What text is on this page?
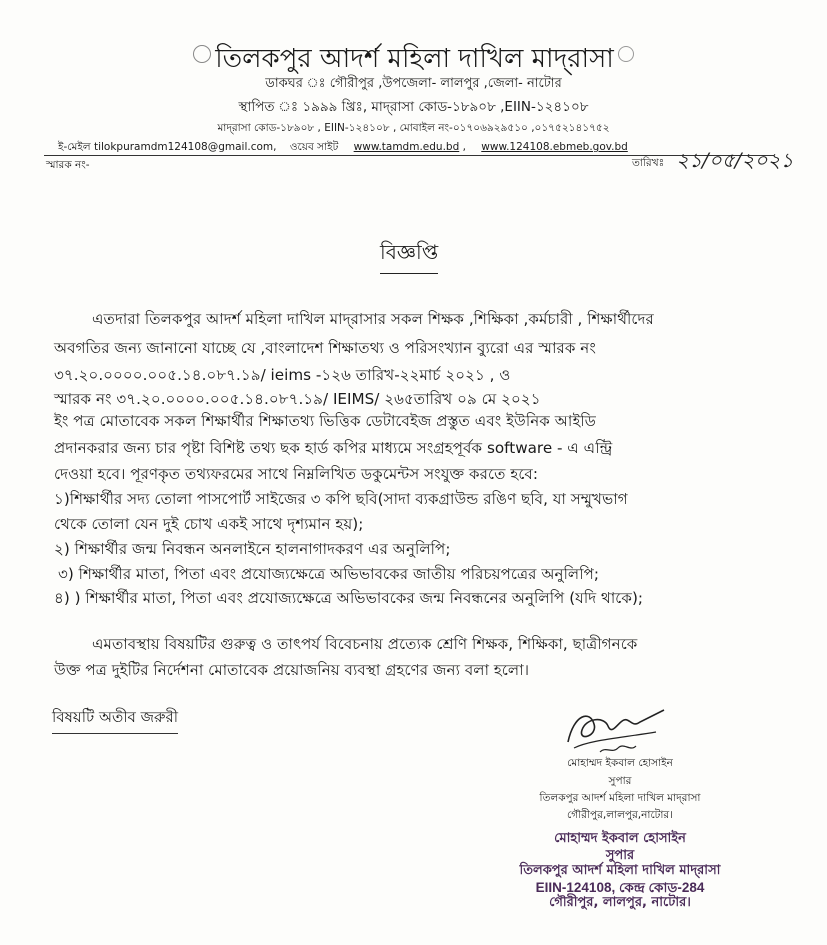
তিলকপুর আদর্শ মহিলা দাখিল মাদ্‌রাসা
ডাকঘর ঃ গৌরীপুর ,উপজেলা- লালপুর ,জেলা- নাটোর
স্থাপিত ঃ ১৯৯৯ খ্রিঃ, মাদ্‌রাসা কোড-১৮৯০৮ ,EIIN-১২৪১০৮
মাদ্‌রাসা কোড-১৮৯০৮ , EIIN-১২৪১০৮ , মোবাইল নং-০১৭০৬৯২৯৫১০ ,০১৭৫২১৪১৭৫২
ই-মেইল tilokpuramdm124108@gmail.com, ওয়েব সাইট www.tamdm.edu.bd , www.124108.ebmeb.gov.bd
স্মারক নং-	তারিখঃ ২১/০৫/২০২১
বিজ্ঞপ্তি
এতদারা তিলকপুর আদর্শ মহিলা দাখিল মাদ্‌রাসার সকল শিক্ষক ,শিক্ষিকা ,কর্মচারী , শিক্ষার্থীদের
অবগতির জন্য জানানো যাচ্ছে যে ,বাংলাদেশ শিক্ষাতথ্য ও পরিসংখ্যান ব্যুরো এর স্মারক নং
৩৭.২০.০০০০.০০৫.১৪.০৮৭.১৯/ ieims -১২৬ তারিখ-২২মার্চ ২০২১ , ও
স্মারক নং ৩৭.২০.০০০০.০০৫.১৪.০৮৭.১৯/ IEIMS/ ২৬৫তারিখ ০৯ মে ২০২১
ইং পত্র মোতাবেক সকল শিক্ষার্থীর শিক্ষাতথ্য ভিত্তিক ডেটাবেইজ প্রস্তুত এবং ইউনিক আইডি
প্রদানকরার জন্য চার পৃষ্টা বিশিষ্ট তথ্য ছক হার্ড কপির মাধ্যমে সংগ্রহপূর্বক software - এ এন্ট্রি
দেওয়া হবে। পূরণকৃত তথ্যফরমের সাথে নিম্নলিখিত ডকুমেন্টস সংযুক্ত করতে হবে:
১)শিক্ষার্থীর সদ্য তোলা পাসপোর্ট সাইজের ৩ কপি ছবি(সাদা ব্যকগ্রাউন্ড রঙিণ ছবি, যা সম্মুখভাগ
থেকে তোলা যেন দুই চোখ একই সাথে দৃশ্যমান হয়);
২) শিক্ষার্থীর জন্ম নিবন্ধন অনলাইনে হালনাগাদকরণ এর অনুলিপি;
৩) শিক্ষার্থীর মাতা, পিতা এবং প্রযোজ্যক্ষেত্রে অভিভাবকের জাতীয় পরিচয়পত্রের অনুলিপি;
৪) ) শিক্ষার্থীর মাতা, পিতা এবং প্রযোজ্যক্ষেত্রে অভিভাবকের জন্ম নিবন্ধনের অনুলিপি (যদি থাকে);
এমতাবস্থায় বিষয়টির গুরুত্ব ও তাৎপর্য বিবেচনায় প্রত্যেক শ্রেণি শিক্ষক, শিক্ষিকা, ছাত্রীগনকে
উক্ত পত্র দুইটির নির্দেশনা মোতাবেক প্রয়োজনিয় ব্যবস্থা গ্রহণের জন্য বলা হলো।
বিষয়টি অতীব জরুরী
মোহাম্মদ ইকবাল হোসাইন
সুপার
তিলকপুর আদর্শ মহিলা দাখিল মাদ্‌রাসা
গৌরীপুর,লালপুর,নাটোর।
মোহাম্মদ ইকবাল হোসাইন
সুপার
তিলকপুর আদর্শ মহিলা দাখিল মাদ্‌রাসা
EIIN-124108, কেন্দ্র কোড-284
গৌরীপুর, লালপুর, নাটোর।
